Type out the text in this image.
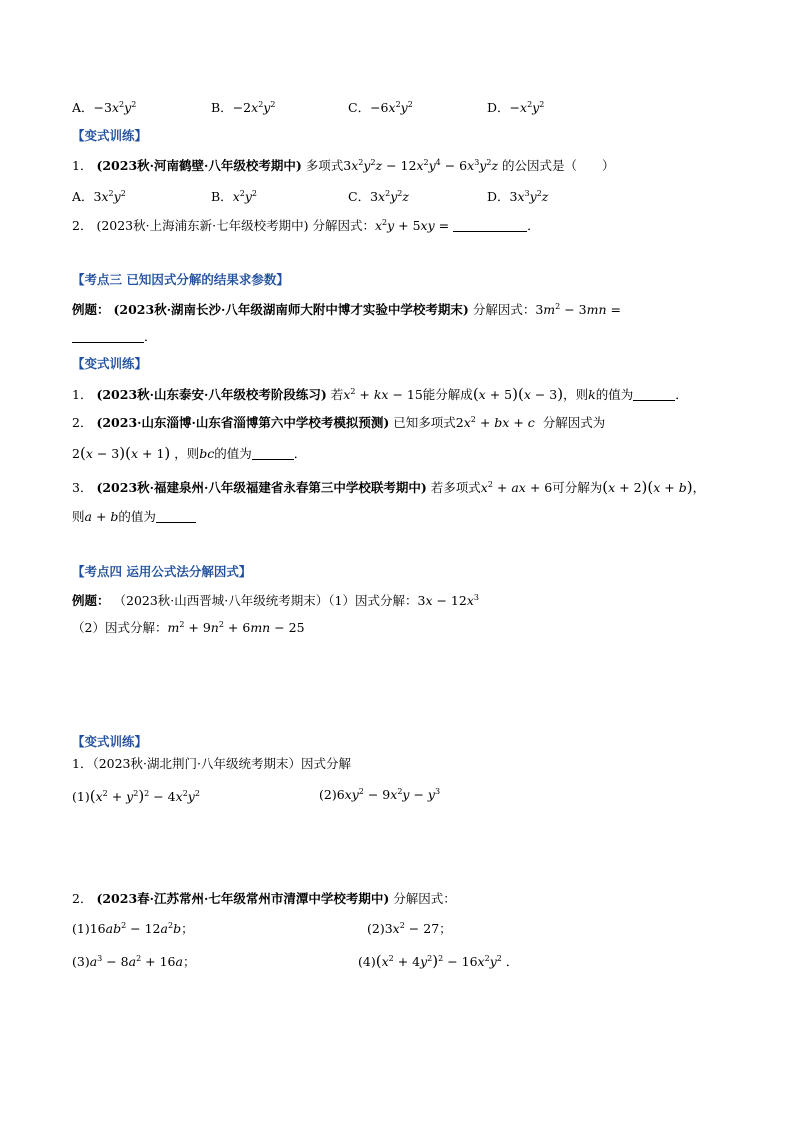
A．$-3x^2y^2$	B．$-2x^2y^2$	C．$-6x^2y^2$	D．$-x^2y^2$
【变式训练】
1． (2023秋·河南鹤壁·八年级校考期中) 多项式$3x^2y^2z - 12x^2y^4 - 6x^3y^2z$ 的公因式是（　　）
A．$3x^2y^2$	B．$x^2y^2$	C．$3x^2y^2z$	D．$3x^3y^2z$
2． (2023秋·上海浦东新·七年级校考期中) 分解因式：$x^2y + 5xy$ =	．
【考点三 已知因式分解的结果求参数】
例题： (2023秋·湖南长沙·八年级湖南师大附中博才实验中学校考期末) 分解因式：$3m^2 - 3mn$ =
．
【变式训练】
1． (2023秋·山东泰安·八年级校考阶段练习) 若$x^2$ + kx − 15能分解成(x + 5)(x − 3)，则k的值为	．
2． (2023·山东淄博·山东省淄博第六中学校考模拟预测) 已知多项式$2x^2$ + bx + c 分解因式为
2(x − 3)(x + 1) ，则bc的值为	．
3． (2023秋·福建泉州·八年级福建省永春第三中学校联考期中) 若多项式$x^2$ + ax + 6可分解为(x + 2)(x + b)，
则a + b的值为
【考点四 运用公式法分解因式】
例题： （2023秋·山西晋城·八年级统考期末）（1）因式分解：$3x - 12x^3$
（2）因式分解：$m^2 + 9n^2 + 6mn - 25$
【变式训练】
1．（2023秋·湖北荆门·八年级统考期末）因式分解
$(1)(x^2 + y^2)^2 - 4x^2y^2$	$(2)6xy^2 - 9x^2y - y^3$
2． (2023春·江苏常州·七年级常州市清潭中学校考期中) 分解因式：
$(1)16ab^2 - 12a^2b$；	$(2)3x^2 - 27$；
$(3)a^3 - 8a^2 + 16a$；	$(4)(x^2 + 4y^2)^2 - 16x^2y^2$ ．
